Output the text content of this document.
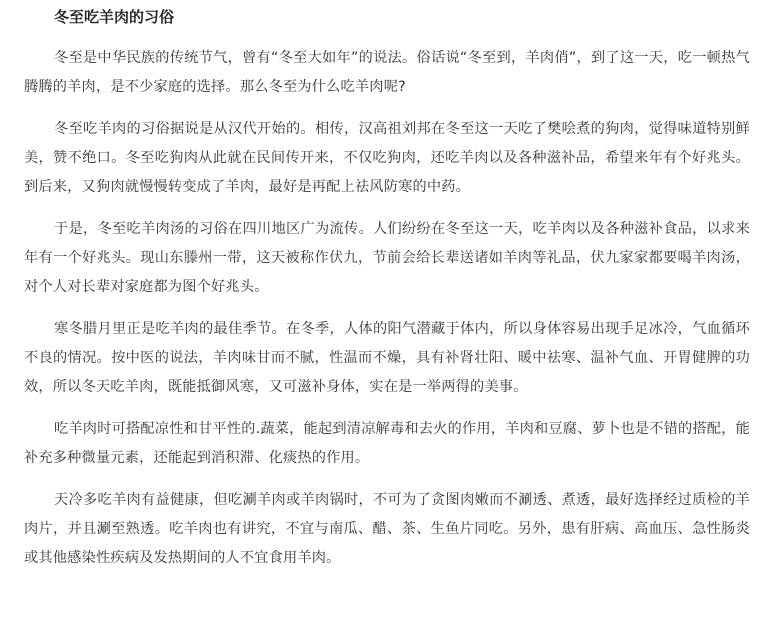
冬至吃羊肉的习俗

冬至是中华民族的传统节气，曾有“冬至大如年”的说法。俗话说“冬至到，羊肉俏”，到了这一天，吃一顿热气腾腾的羊肉，是不少家庭的选择。那么冬至为什么吃羊肉呢?

冬至吃羊肉的习俗据说是从汉代开始的。相传，汉高祖刘邦在冬至这一天吃了樊哙煮的狗肉，觉得味道特别鲜美，赞不绝口。冬至吃狗肉从此就在民间传开来，不仅吃狗肉，还吃羊肉以及各种滋补品，希望来年有个好兆头。到后来，又狗肉就慢慢转变成了羊肉，最好是再配上祛风防寒的中药。

于是，冬至吃羊肉汤的习俗在四川地区广为流传。人们纷纷在冬至这一天，吃羊肉以及各种滋补食品，以求来年有一个好兆头。现山东滕州一带，这天被称作伏九，节前会给长辈送诸如羊肉等礼品，伏九家家都要喝羊肉汤，对个人对长辈对家庭都为图个好兆头。

寒冬腊月里正是吃羊肉的最佳季节。在冬季，人体的阳气潜藏于体内，所以身体容易出现手足冰冷，气血循环不良的情况。按中医的说法，羊肉味甘而不腻，性温而不燥，具有补肾壮阳、暖中祛寒、温补气血、开胃健脾的功效，所以冬天吃羊肉，既能抵御风寒，又可滋补身体，实在是一举两得的美事。

吃羊肉时可搭配凉性和甘平性的.蔬菜，能起到清凉解毒和去火的作用，羊肉和豆腐、萝卜也是不错的搭配，能补充多种微量元素，还能起到消积滞、化痰热的作用。

天冷多吃羊肉有益健康，但吃涮羊肉或羊肉锅时，不可为了贪图肉嫩而不涮透、煮透，最好选择经过质检的羊肉片，并且涮至熟透。吃羊肉也有讲究，不宜与南瓜、醋、茶、生鱼片同吃。另外，患有肝病、高血压、急性肠炎或其他感染性疾病及发热期间的人不宜食用羊肉。
